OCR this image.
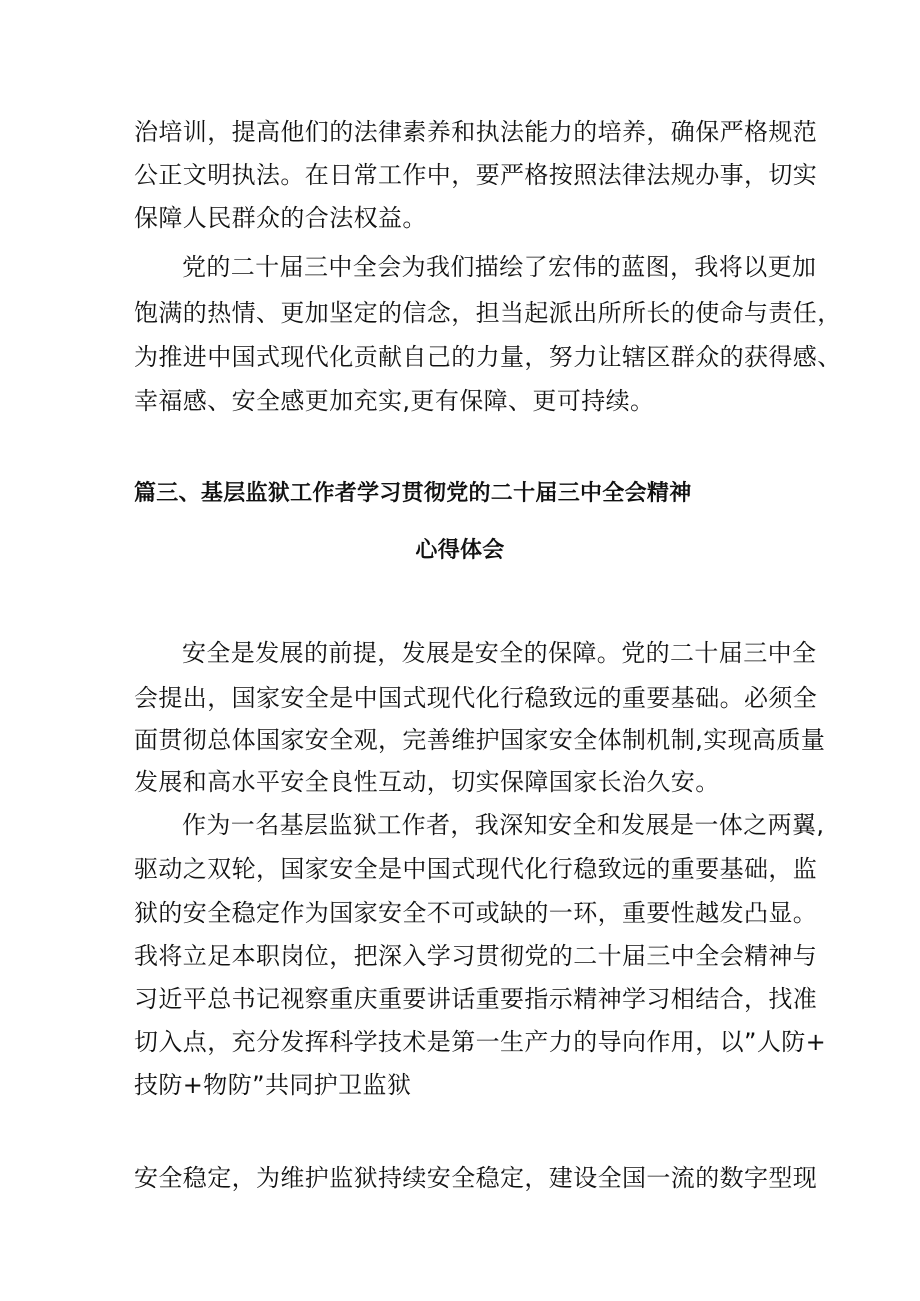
治培训，提高他们的法律素养和执法能力的培养，确保严格规范

公正文明执法。在日常工作中，要严格按照法律法规办事，切实

保障人民群众的合法权益。

党的二十届三中全会为我们描绘了宏伟的蓝图，我将以更加

饱满的热情、更加坚定的信念，担当起派出所所长的使命与责任，

为推进中国式现代化贡献自己的力量，努力让辖区群众的获得感、

幸福感、安全感更加充实,更有保障、更可持续。

篇三、基层监狱工作者学习贯彻党的二十届三中全会精神

心得体会

安全是发展的前提，发展是安全的保障。党的二十届三中全

会提出，国家安全是中国式现代化行稳致远的重要基础。必须全

面贯彻总体国家安全观，完善维护国家安全体制机制,实现高质量

发展和高水平安全良性互动，切实保障国家长治久安。

作为一名基层监狱工作者，我深知安全和发展是一体之两翼,

驱动之双轮，国家安全是中国式现代化行稳致远的重要基础，监

狱的安全稳定作为国家安全不可或缺的一环，重要性越发凸显。

我将立足本职岗位，把深入学习贯彻党的二十届三中全会精神与

习近平总书记视察重庆重要讲话重要指示精神学习相结合，找准

切入点，充分发挥科学技术是第一生产力的导向作用，以”人防+

技防+物防”共同护卫监狱

安全稳定，为维护监狱持续安全稳定，建设全国一流的数字型现
